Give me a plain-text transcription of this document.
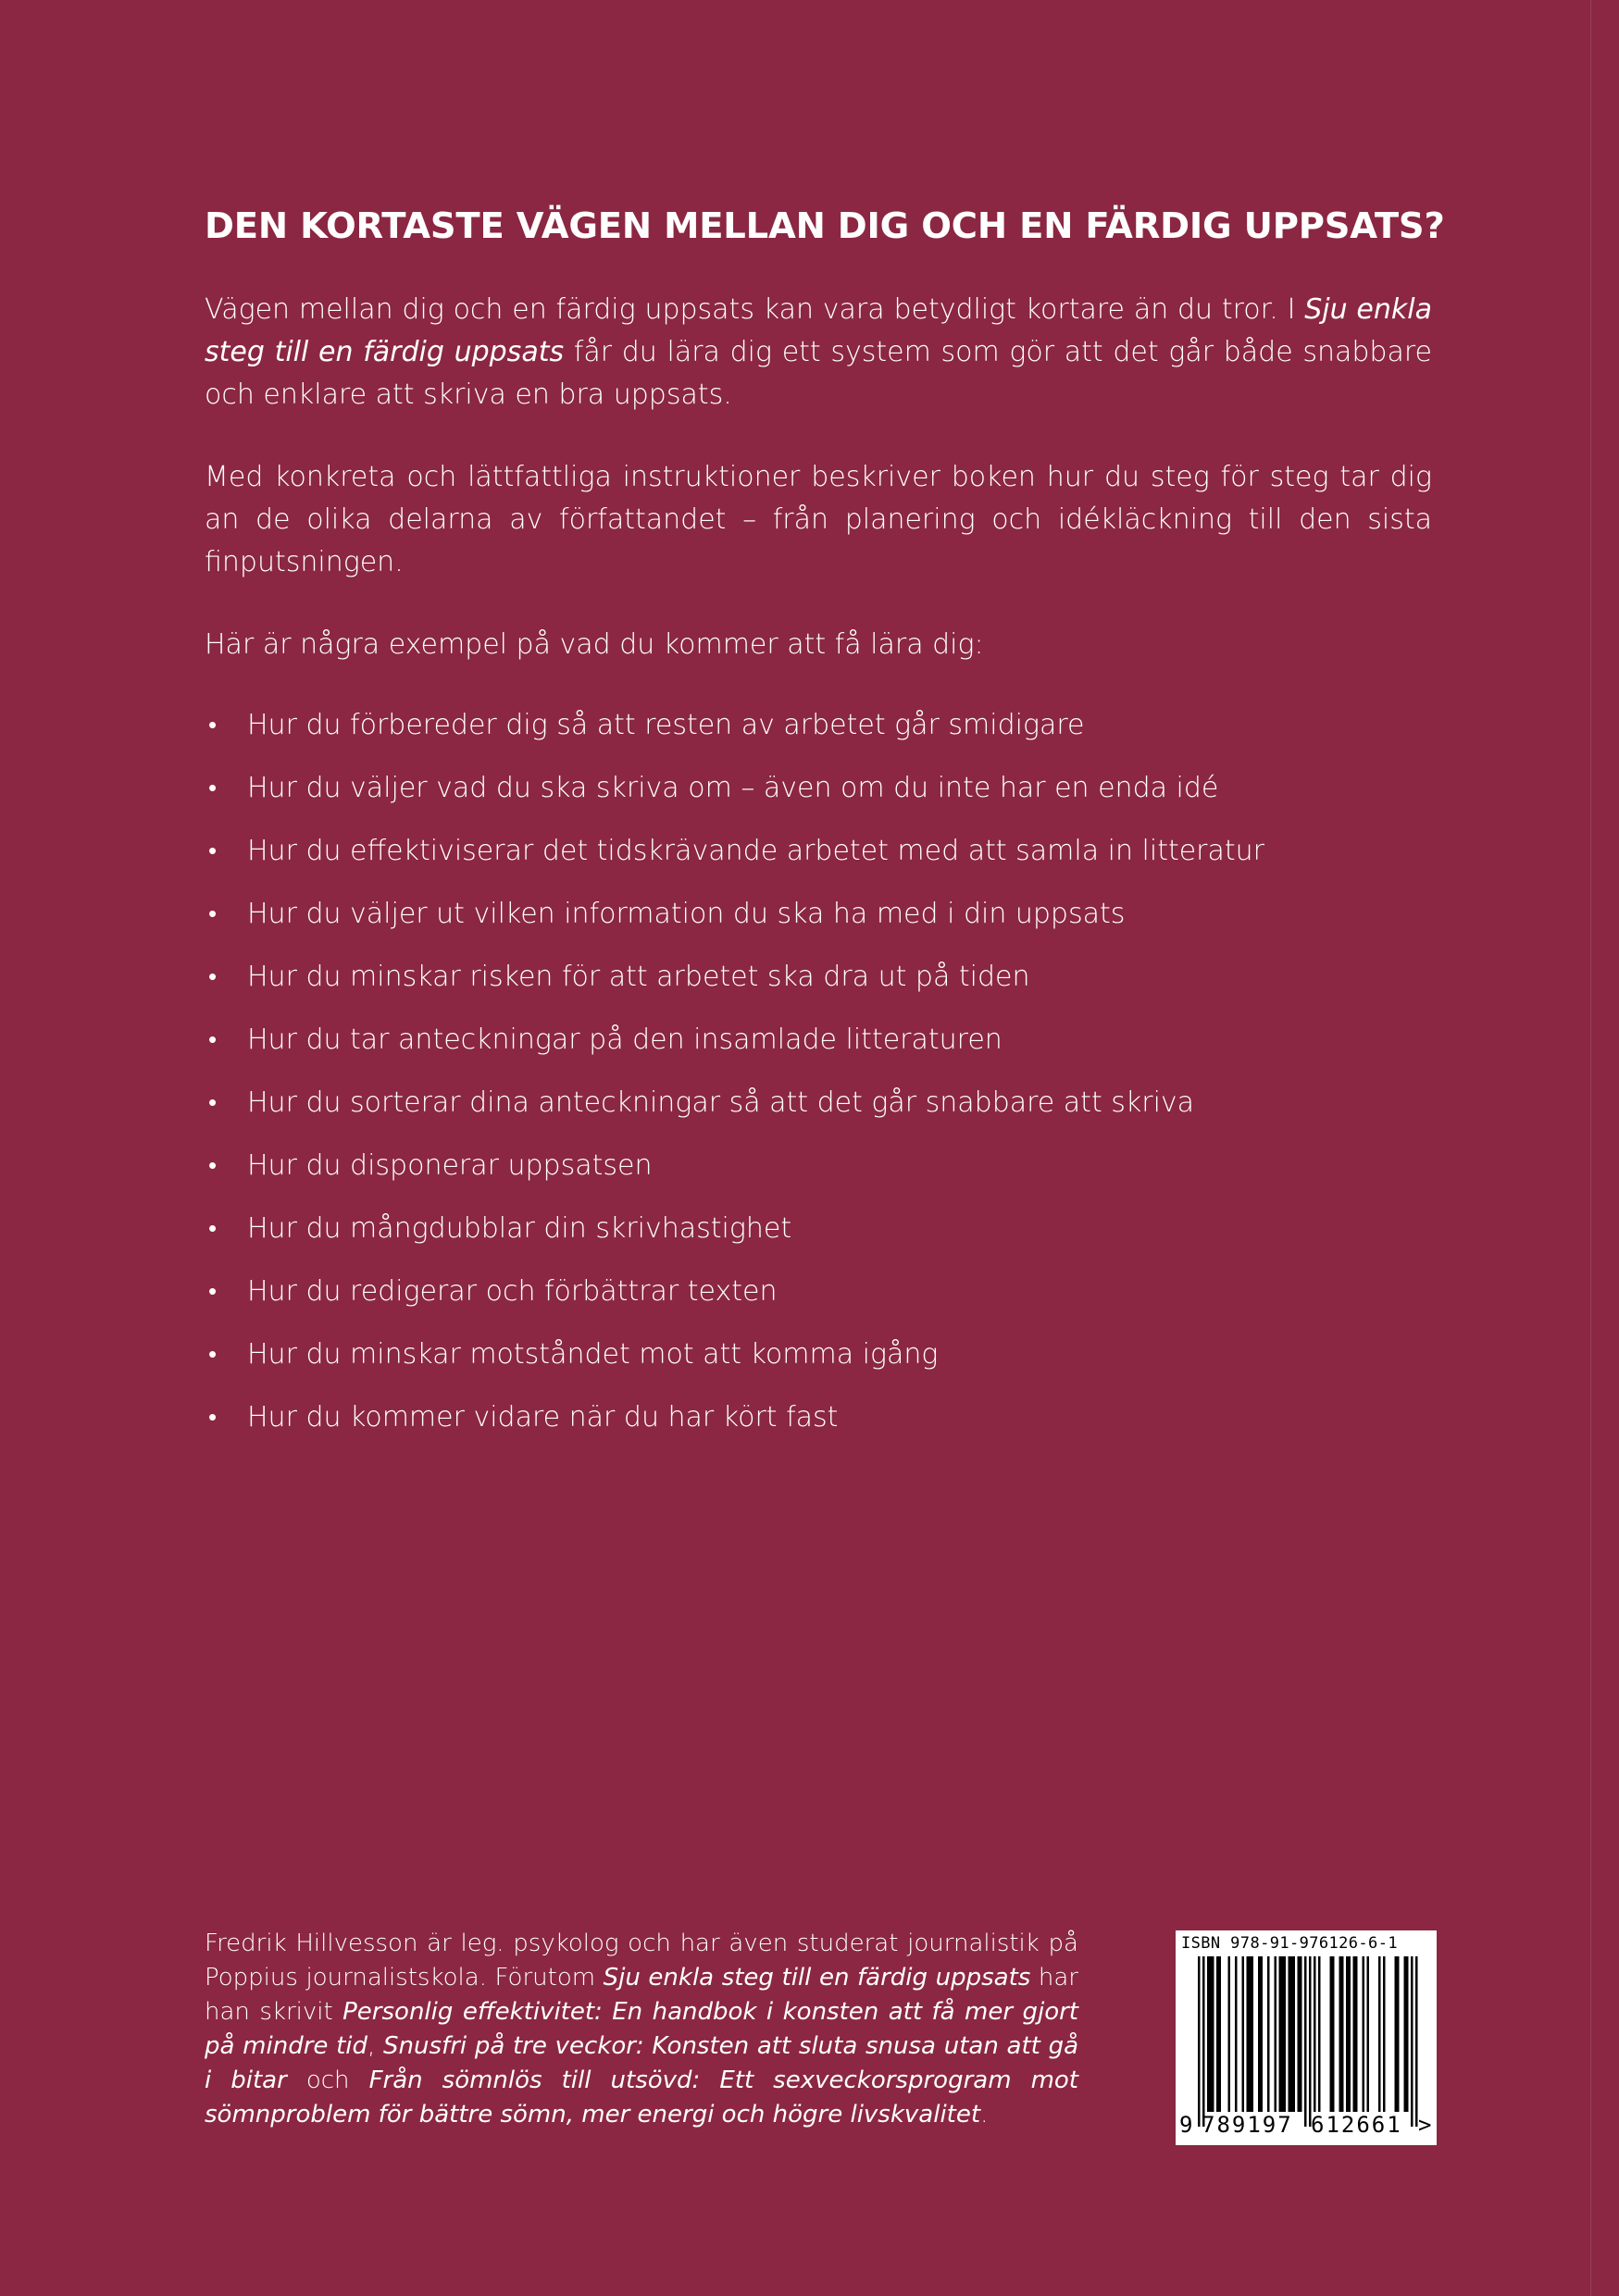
DEN KORTASTE VÄGEN MELLAN DIG OCH EN FÄRDIG UPPSATS?

Vägen mellan dig och en färdig uppsats kan vara betydligt kortare än du tror. I Sju enkla steg till en färdig uppsats får du lära dig ett system som gör att det går både snabbare och enklare att skriva en bra uppsats.

Med konkreta och lättfattliga instruktioner beskriver boken hur du steg för steg tar dig an de olika delarna av författandet – från planering och idékläckning till den sista finputsningen.

Här är några exempel på vad du kommer att få lära dig:

• Hur du förbereder dig så att resten av arbetet går smidigare
• Hur du väljer vad du ska skriva om – även om du inte har en enda idé
• Hur du effektiviserar det tidskrävande arbetet med att samla in litteratur
• Hur du väljer ut vilken information du ska ha med i din uppsats
• Hur du minskar risken för att arbetet ska dra ut på tiden
• Hur du tar anteckningar på den insamlade litteraturen
• Hur du sorterar dina anteckningar så att det går snabbare att skriva
• Hur du disponerar uppsatsen
• Hur du mångdubblar din skrivhastighet
• Hur du redigerar och förbättrar texten
• Hur du minskar motståndet mot att komma igång
• Hur du kommer vidare när du har kört fast

Fredrik Hillvesson är leg. psykolog och har även studerat journalistik på Poppius journalistskola. Förutom Sju enkla steg till en färdig uppsats har han skrivit Personlig effektivitet: En handbok i konsten att få mer gjort på mindre tid, Snusfri på tre veckor: Konsten att sluta snusa utan att gå i bitar och Från sömnlös till utsövd: Ett sexveckorsprogram mot sömnproblem för bättre sömn, mer energi och högre livskvalitet.

ISBN 978-91-976126-6-1
9 789197 612661 >
